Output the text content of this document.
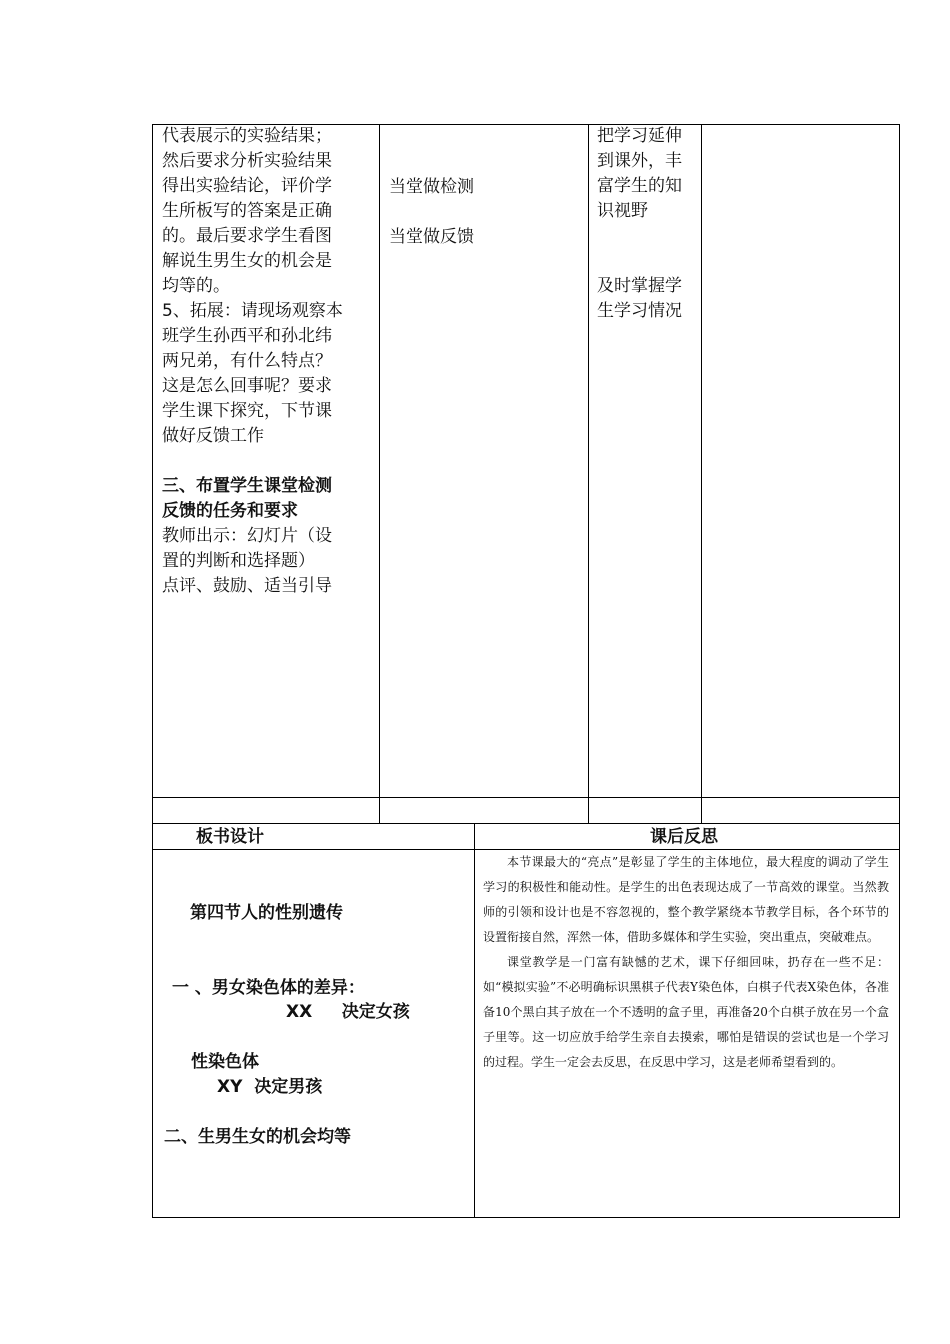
代表展示的实验结果；

然后要求分析实验结果

得出实验结论，评价学

生所板写的答案是正确

的。最后要求学生看图

解说生男生女的机会是

均等的。

5、拓展：请现场观察本

班学生孙西平和孙北纬

两兄弟，有什么特点？

这是怎么回事呢？要求

学生课下探究，下节课

做好反馈工作

三、布置学生课堂检测

反馈的任务和要求

教师出示：幻灯片（设

置的判断和选择题）

点评、鼓励、适当引导

当堂做检测

当堂做反馈

把学习延伸

到课外，丰

富学生的知

识视野

及时掌握学

生学习情况

板书设计	课后反思
第四节人的性别遗传
一 、男女染色体的差异：
XX     决定女孩
性染色体
XY  决定男孩
二、生男生女的机会均等

本节课最大的“亮点”是彰显了学生的主体地位，最大程度的调动了学生学习的积极性和能动性。是学生的出色表现达成了一节高效的课堂。当然教师的引领和设计也是不容忽视的，整个教学紧绕本节教学目标，各个环节的设置衔接自然，浑然一体，借助多媒体和学生实验，突出重点，突破难点。

课堂教学是一门富有缺憾的艺术，课下仔细回味，扔存在一些不足：如“模拟实验”不必明确标识黑棋子代表Y染色体，白棋子代表X染色体，各准备10个黑白其子放在一个不透明的盒子里，再准备20个白棋子放在另一个盒子里等。这一切应放手给学生亲自去摸索，哪怕是错误的尝试也是一个学习的过程。学生一定会去反思，在反思中学习，这是老师希望看到的。
